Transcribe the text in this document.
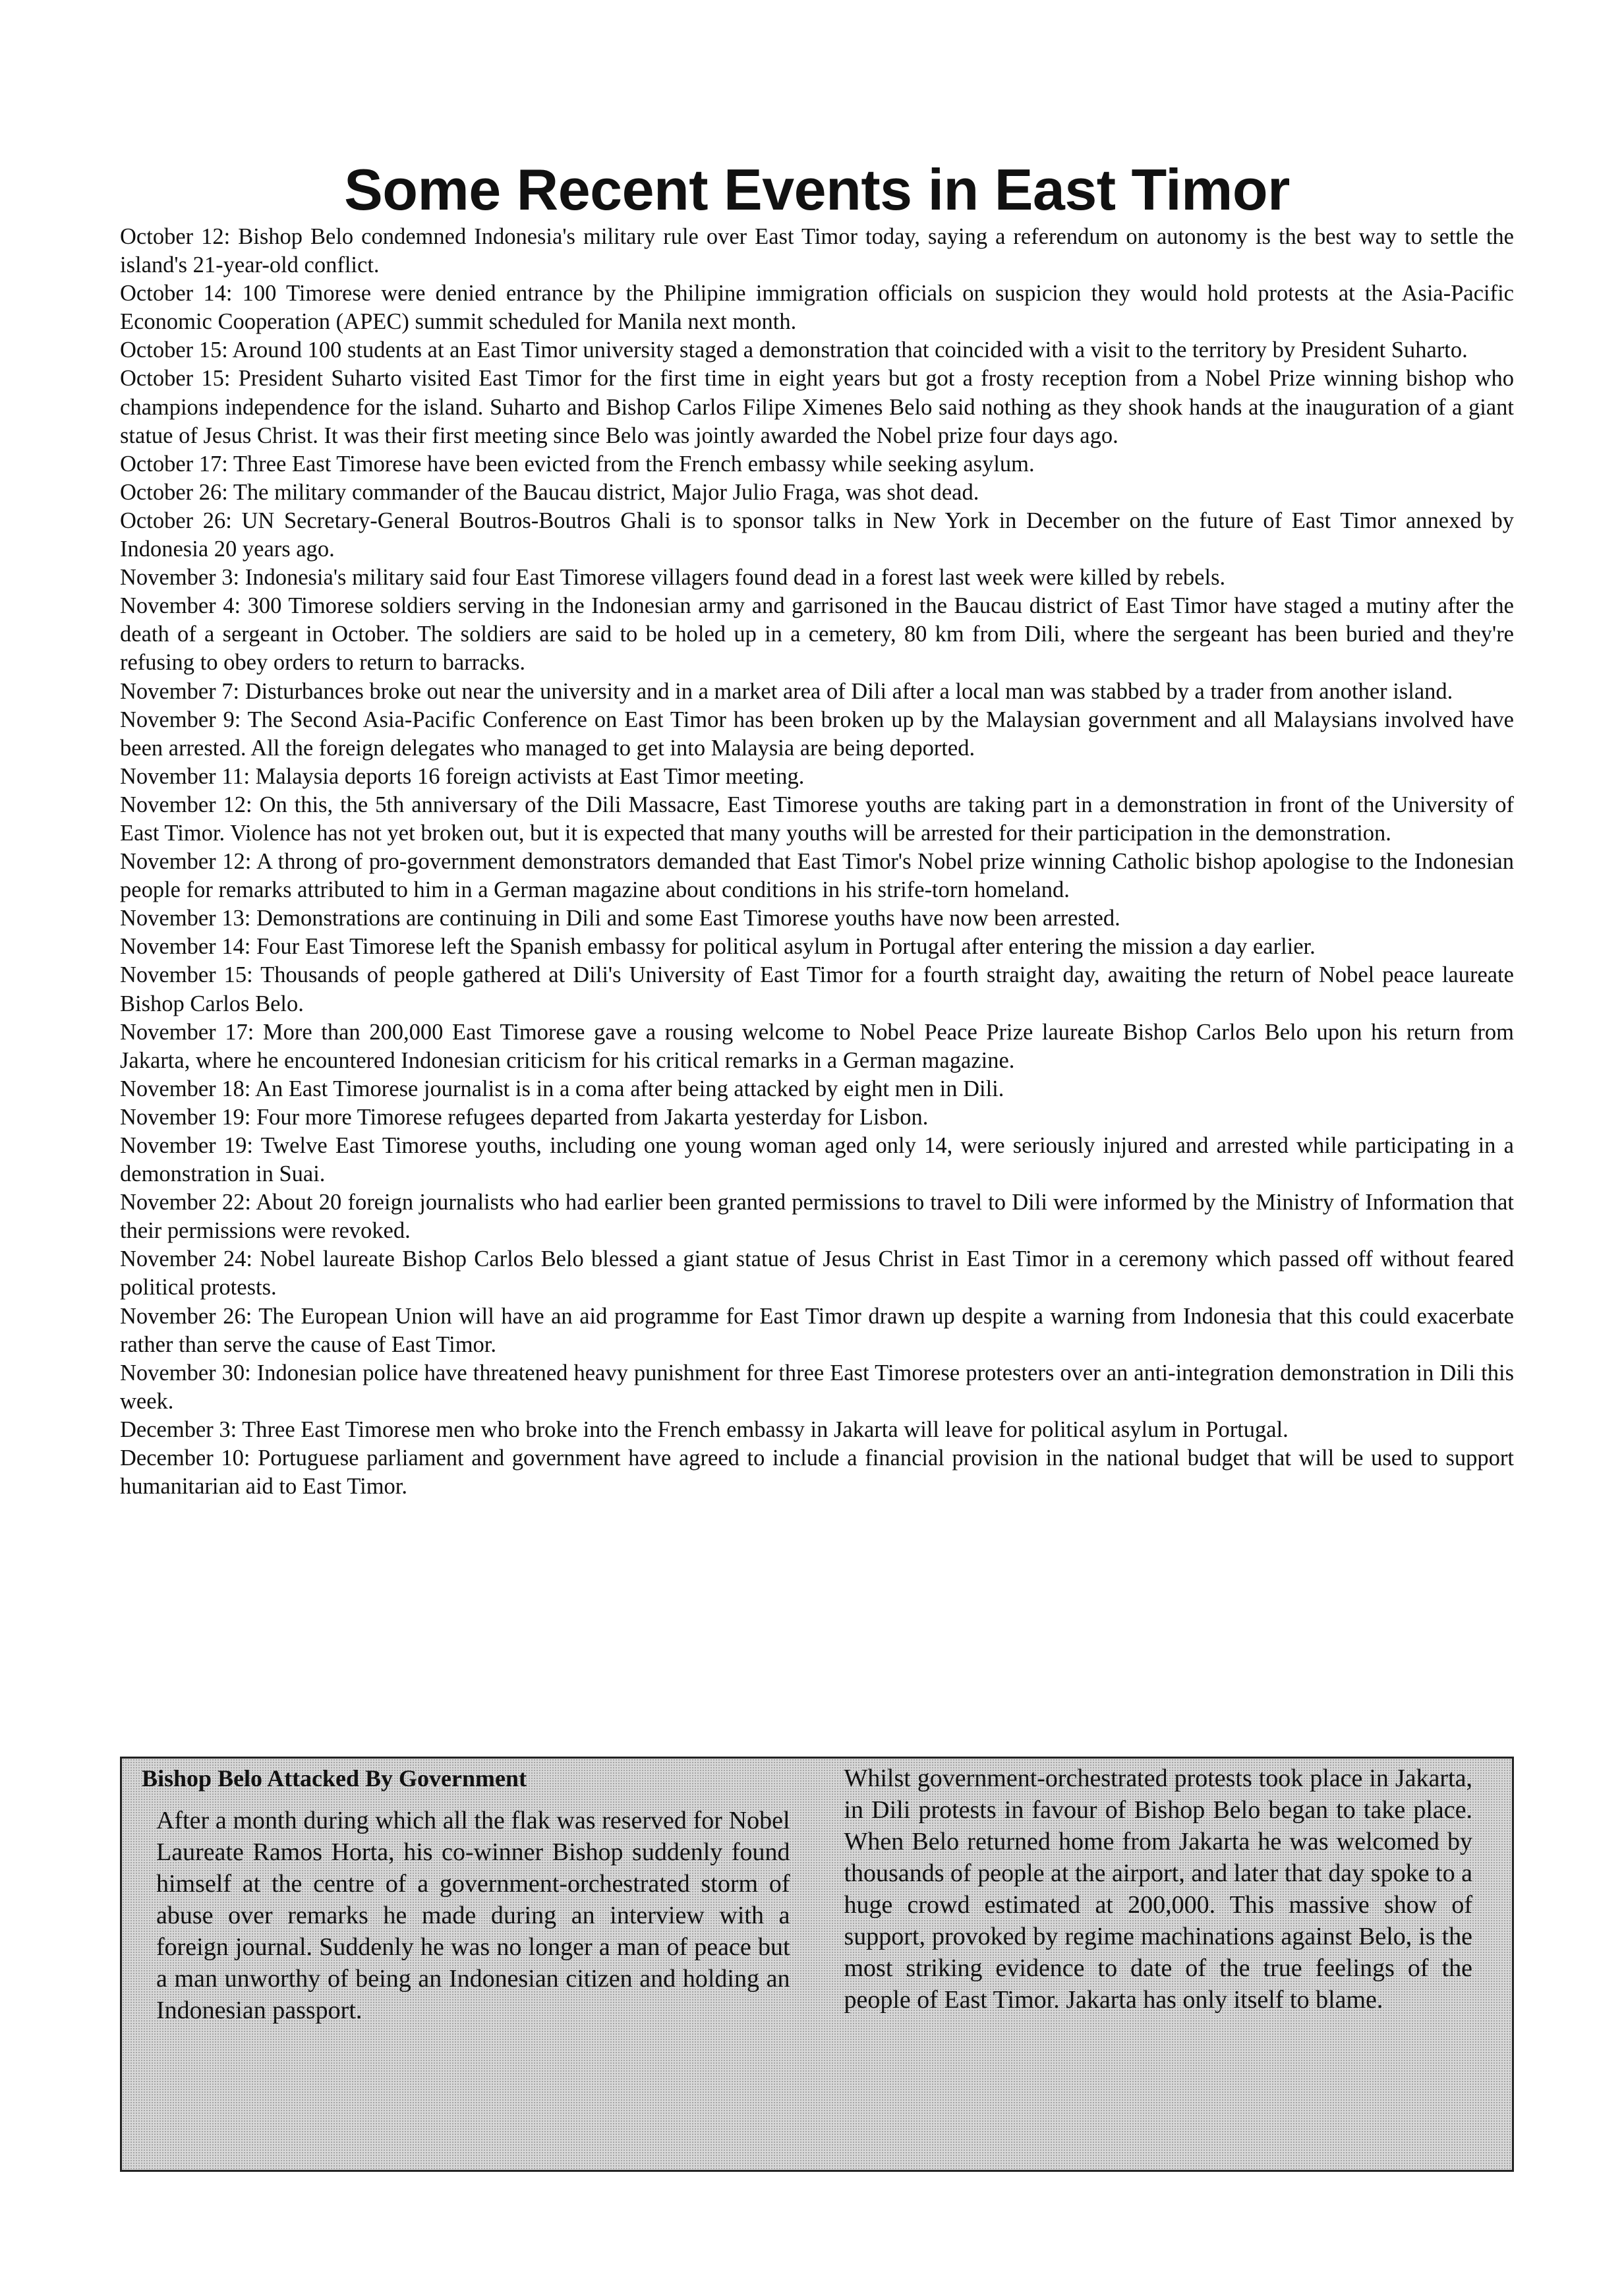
Some Recent Events in East Timor
October 12: Bishop Belo condemned Indonesia's military rule over East Timor today, saying a referendum on autonomy is the best way to settle the island's 21-year-old conflict.
October 14: 100 Timorese were denied entrance by the Philipine immigration officials on suspicion they would hold protests at the Asia-Pacific Economic Cooperation (APEC) summit scheduled for Manila next month.
October 15: Around 100 students at an East Timor university staged a demonstration that coincided with a visit to the territory by President Suharto.
October 15: President Suharto visited East Timor for the first time in eight years but got a frosty reception from a Nobel Prize winning bishop who champions independence for the island. Suharto and Bishop Carlos Filipe Ximenes Belo said nothing as they shook hands at the inauguration of a giant statue of Jesus Christ. It was their first meeting since Belo was jointly awarded the Nobel prize four days ago.
October 17: Three East Timorese have been evicted from the French embassy while seeking asylum.
October 26: The military commander of the Baucau district, Major Julio Fraga, was shot dead.
October 26: UN Secretary-General Boutros-Boutros Ghali is to sponsor talks in New York in December on the future of East Timor annexed by Indonesia 20 years ago.
November 3: Indonesia's military said four East Timorese villagers found dead in a forest last week were killed by rebels.
November 4: 300 Timorese soldiers serving in the Indonesian army and garrisoned in the Baucau district of East Timor have staged a mutiny after the death of a sergeant in October. The soldiers are said to be holed up in a cemetery, 80 km from Dili, where the sergeant has been buried and they're refusing to obey orders to return to barracks.
November 7: Disturbances broke out near the university and in a market area of Dili after a local man was stabbed by a trader from another island.
November 9: The Second Asia-Pacific Conference on East Timor has been broken up by the Malaysian government and all Malaysians involved have been arrested. All the foreign delegates who managed to get into Malaysia are being deported.
November 11: Malaysia deports 16 foreign activists at East Timor meeting.
November 12: On this, the 5th anniversary of the Dili Massacre, East Timorese youths are taking part in a demonstration in front of the University of East Timor. Violence has not yet broken out, but it is expected that many youths will be arrested for their participation in the demonstration.
November 12: A throng of pro-government demonstrators demanded that East Timor's Nobel prize winning Catholic bishop apologise to the Indonesian people for remarks attributed to him in a German magazine about conditions in his strife-torn homeland.
November 13: Demonstrations are continuing in Dili and some East Timorese youths have now been arrested.
November 14: Four East Timorese left the Spanish embassy for political asylum in Portugal after entering the mission a day earlier.
November 15: Thousands of people gathered at Dili's University of East Timor for a fourth straight day, awaiting the return of Nobel peace laureate Bishop Carlos Belo.
November 17: More than 200,000 East Timorese gave a rousing welcome to Nobel Peace Prize laureate Bishop Carlos Belo upon his return from Jakarta, where he encountered Indonesian criticism for his critical remarks in a German magazine.
November 18: An East Timorese journalist is in a coma after being attacked by eight men in Dili.
November 19: Four more Timorese refugees departed from Jakarta yesterday for Lisbon.
November 19: Twelve East Timorese youths, including one young woman aged only 14, were seriously injured and arrested while participating in a demonstration in Suai.
November 22: About 20 foreign journalists who had earlier been granted permissions to travel to Dili were informed by the Ministry of Information that their permissions were revoked.
November 24: Nobel laureate Bishop Carlos Belo blessed a giant statue of Jesus Christ in East Timor in a ceremony which passed off without feared political protests.
November 26: The European Union will have an aid programme for East Timor drawn up despite a warning from Indonesia that this could exacerbate rather than serve the cause of East Timor.
November 30: Indonesian police have threatened heavy punishment for three East Timorese protesters over an anti-integration demonstration in Dili this week.
December 3: Three East Timorese men who broke into the French embassy in Jakarta will leave for political asylum in Portugal.
December 10: Portuguese parliament and government have agreed to include a financial provision in the national budget that will be used to support humanitarian aid to East Timor.
Bishop Belo Attacked By Government

After a month during which all the flak was reserved for Nobel Laureate Ramos Horta, his co-winner Bishop suddenly found himself at the centre of a government-orchestrated storm of abuse over remarks he made during an interview with a foreign journal. Suddenly he was no longer a man of peace but a man unworthy of being an Indonesian citizen and holding an Indonesian passport.

Whilst government-orchestrated protests took place in Jakarta, in Dili protests in favour of Bishop Belo began to take place. When Belo returned home from Jakarta he was welcomed by thousands of people at the airport, and later that day spoke to a huge crowd estimated at 200,000. This massive show of support, provoked by regime machinations against Belo, is the most striking evidence to date of the true feelings of the people of East Timor. Jakarta has only itself to blame.
